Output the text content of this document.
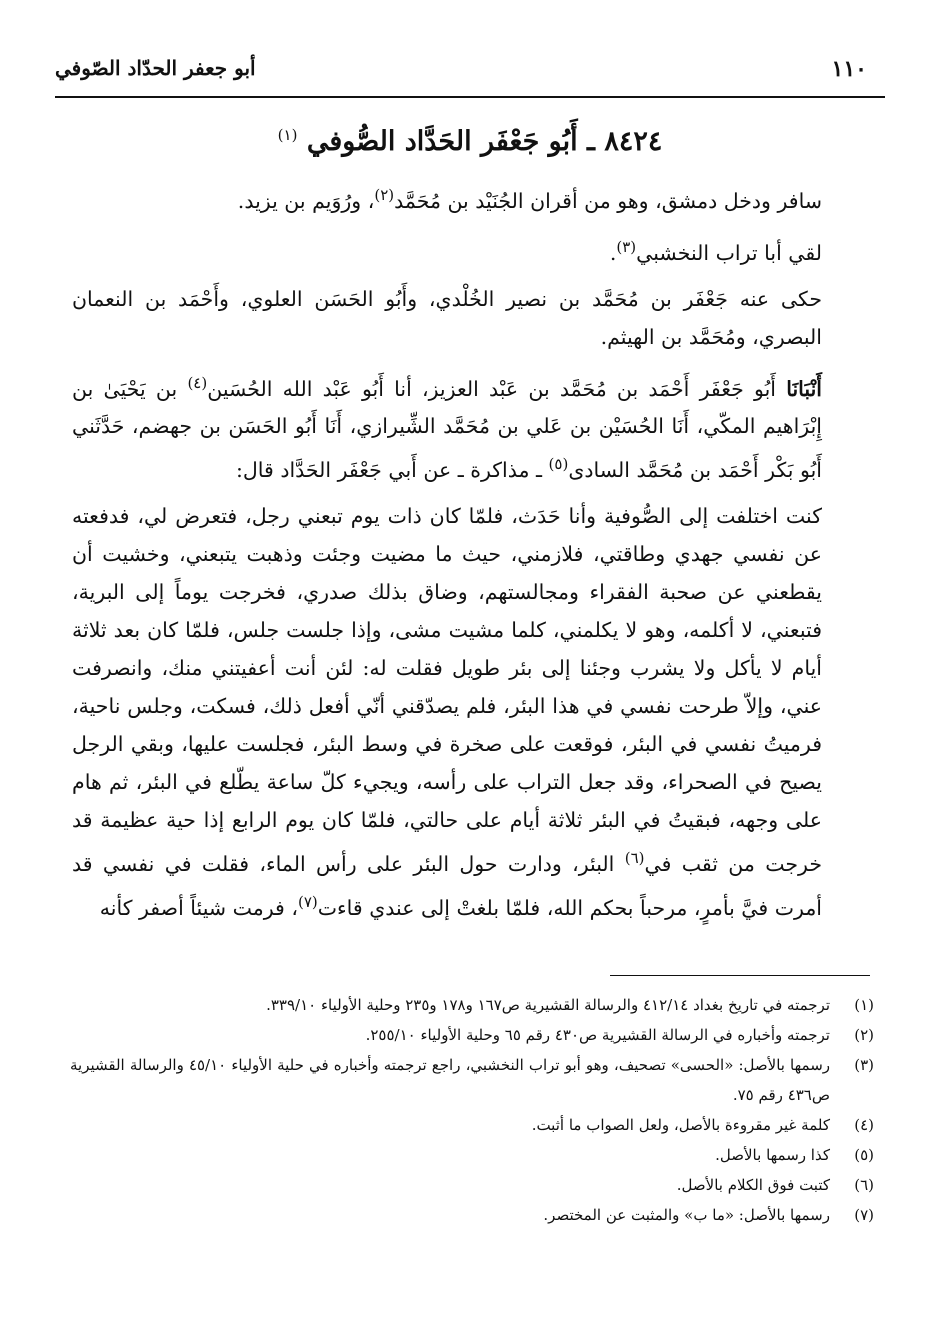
١١٠
أبو جعفر الحدّاد الصّوفي
٨٤٢٤ ـ أَبُو جَعْفَر الحَدَّاد الصُّوفي $^{(١)}$

سافر ودخل دمشق، وهو من أقران الجُنَيْد بن مُحَمَّد$^{(٢)}$، ورُوَيم بن يزيد.

لقي أبا تراب النخشبي$^{(٣)}$.

حكى عنه جَعْفَر بن مُحَمَّد بن نصير الخُلْدي، وأَبُو الحَسَن العلوي، وأَحْمَد بن النعمان البصري، ومُحَمَّد بن الهيثم.

أَنْبَانَا أَبُو جَعْفَر أَحْمَد بن مُحَمَّد بن عَبْد العزيز، أنا أَبُو عَبْد الله الحُسَين$^{(٤)}$ بن يَحْيَىٰ بن إِبْرَاهيم المكّي، أَنَا الحُسَيْن بن عَلي بن مُحَمَّد الشِّيرازي، أَنَا أَبُو الحَسَن بن جهضم، حَدَّثَني أَبُو بَكْر أَحْمَد بن مُحَمَّد السادى$^{(٥)}$ ـ مذاكرة ـ عن أَبي جَعْفَر الحَدَّاد قال:

كنت اختلفت إلى الصُّوفية وأنا حَدَث، فلمّا كان ذات يوم تبعني رجل، فتعرض لي، فدفعته عن نفسي جهدي وطاقتي، فلازمني، حيث ما مضيت وجئت وذهبت يتبعني، وخشيت أن يقطعني عن صحبة الفقراء ومجالستهم، وضاق بذلك صدري، فخرجت يوماً إلى البرية، فتبعني، لا أكلمه، وهو لا يكلمني، كلما مشيت مشى، وإذا جلست جلس، فلمّا كان بعد ثلاثة أيام لا يأكل ولا يشرب وجئنا إلى بئر طويل فقلت له: لئن أنت أعفيتني منك، وانصرفت عني، وإلاّ طرحت نفسي في هذا البئر، فلم يصدّقني أنّي أفعل ذلك، فسكت، وجلس ناحية، فرميتُ نفسي في البئر، فوقعت على صخرة في وسط البئر، فجلست عليها، وبقي الرجل يصيح في الصحراء، وقد جعل التراب على رأسه، ويجيء كلّ ساعة يطّلع في البئر، ثم هام على وجهه، فبقيتُ في البئر ثلاثة أيام على حالتي، فلمّا كان يوم الرابع إذا حية عظيمة قد خرجت من ثقب في$^{(٦)}$ البئر، ودارت حول البئر على رأس الماء، فقلت في نفسي قد أمرت فيَّ بأمرٍ، مرحباً بحكم الله، فلمّا بلغتْ إلى عندي قاءت$^{(٧)}$، فرمت شيئاً أصفر كأنه

(١)
ترجمته في تاريخ بغداد ٤١٢/١٤ والرسالة القشيرية ص١٦٧ و١٧٨ و٢٣٥ وحلية الأولياء ٣٣٩/١٠.
(٢)
ترجمته وأخباره في الرسالة القشيرية ص٤٣٠ رقم ٦٥ وحلية الأولياء ٢٥٥/١٠.
(٣)
رسمها بالأصل: «الحسى» تصحيف، وهو أبو تراب النخشبي، راجع ترجمته وأخباره في حلية الأولياء ٤٥/١٠ والرسالة القشيرية ص٤٣٦ رقم ٧٥.
(٤)
كلمة غير مقروءة بالأصل، ولعل الصواب ما أثبت.
(٥)
كذا رسمها بالأصل.
(٦)
كتبت فوق الكلام بالأصل.
(٧)
رسمها بالأصل: «ما ب» والمثبت عن المختصر.
